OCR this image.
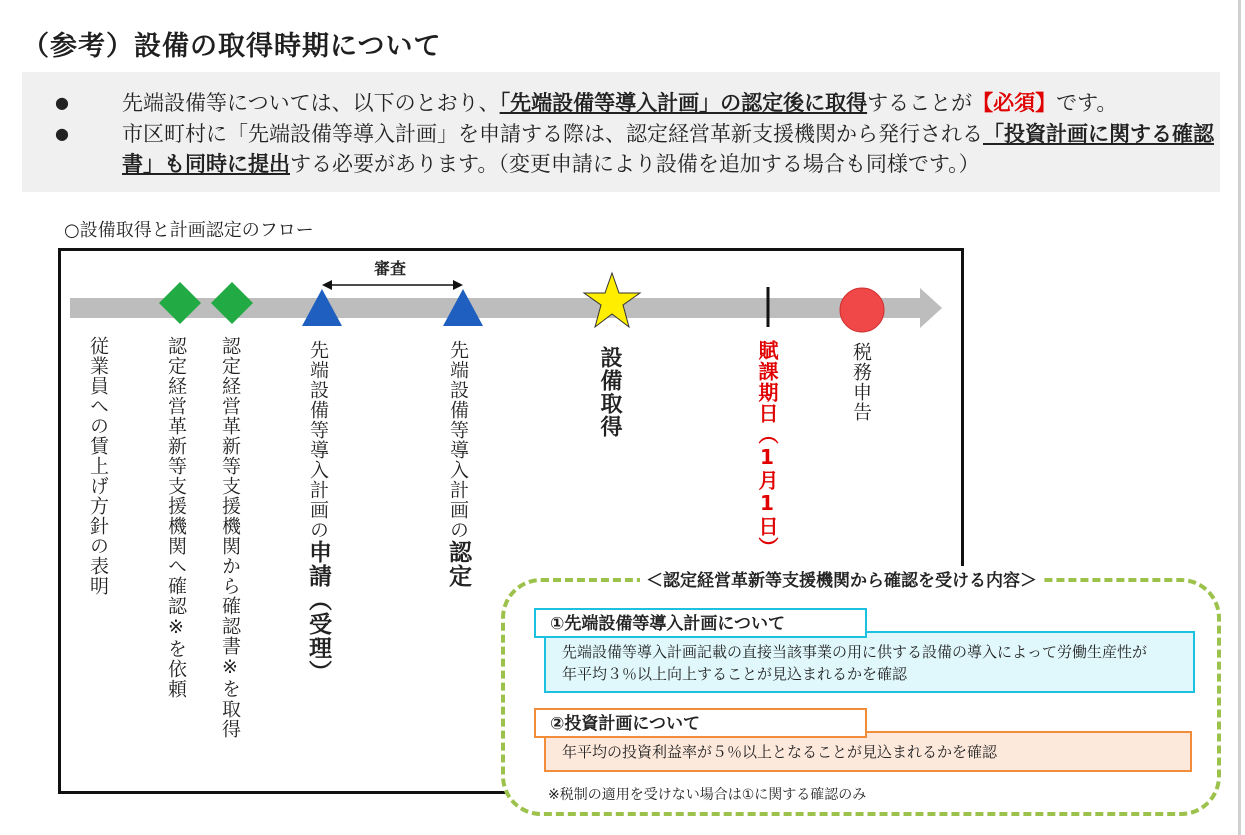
（参考）設備の取得時期について
●	先端設備等については、以下のとおり、「先端設備等導入計画」の認定後に取得することが【必須】です。
●	市区町村に「先端設備等導入計画」を申請する際は、認定経営革新支援機関から発行される「投資計画に関する確認書」も同時に提出する必要があります。（変更申請により設備を追加する場合も同様です。）
○設備取得と計画認定のフロー
審査
従業員への賃上げ方針の表明	認定経営革新等支援機関へ確認※を依頼 認定経営革新等支援機関から確認書※を取得	先端設備等導入計画の申請（受理）
先端設備等導入計画の認定
設備取得	賦課期日（1月1日）	税務申告
＜認定経営革新等支援機関から確認を受ける内容＞
先端設備等導入計画記載の直接当該事業の用に供する設備の導入によって労働生産性が
年平均３％以上向上することが見込まれるかを確認
①先端設備等導入計画について
年平均の投資利益率が５％以上となることが見込まれるかを確認
②投資計画について
※税制の適用を受けない場合は①に関する確認のみ
